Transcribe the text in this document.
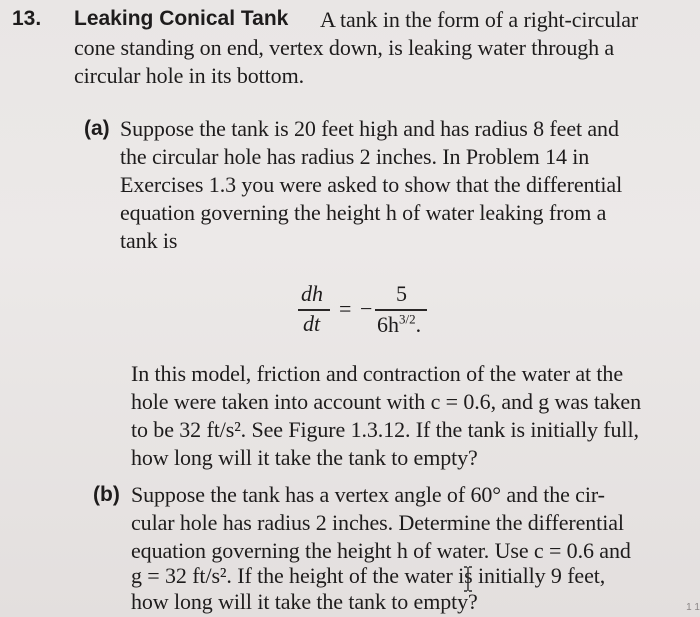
13. Leaking Conical Tank A tank in the form of a right-circular
cone standing on end, vertex down, is leaking water through a
circular hole in its bottom.
(a) Suppose the tank is 20 feet high and has radius 8 feet and
the circular hole has radius 2 inches. In Problem 14 in
Exercises 1.3 you were asked to show that the differential
equation governing the height h of water leaking from a
tank is
dh
dt
= −
5
$6h^{3/2}$.
In this model, friction and contraction of the water at the
hole were taken into account with c = 0.6, and g was taken
to be 32 ft/s². See Figure 1.3.12. If the tank is initially full,
how long will it take the tank to empty?
(b) Suppose the tank has a vertex angle of 60° and the cir-
cular hole has radius 2 inches. Determine the differential
equation governing the height h of water. Use c = 0.6 and
g = 32 ft/s². If the height of the water is initially 9 feet,
how long will it take the tank to empty?	1 1
